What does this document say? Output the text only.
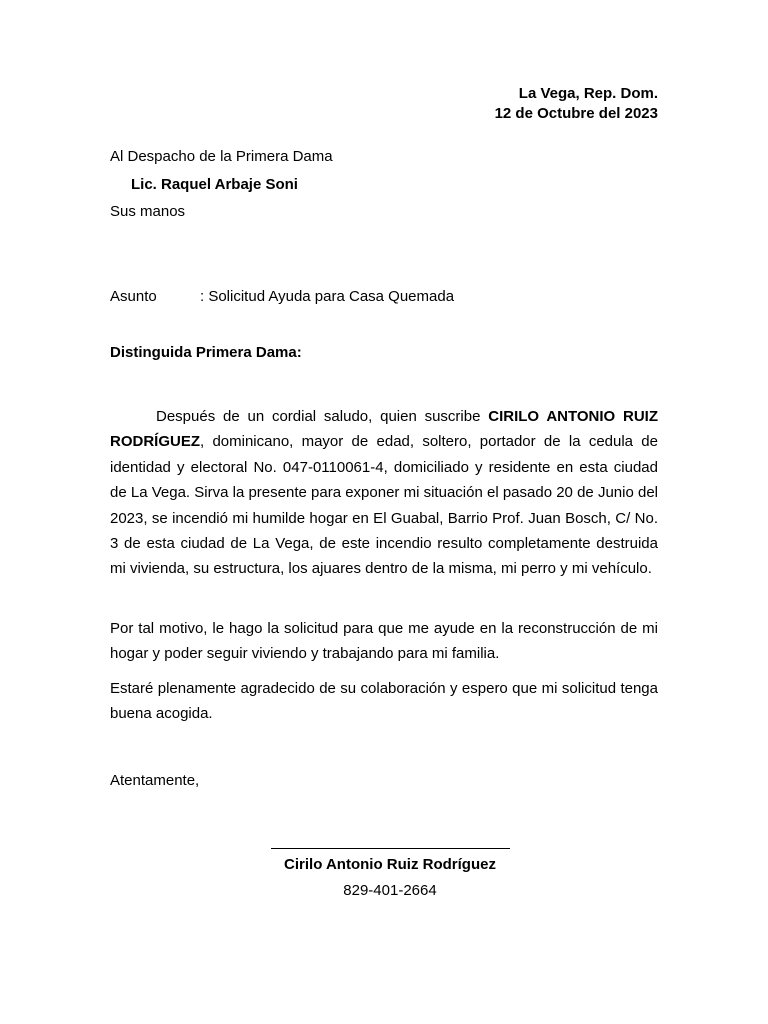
La Vega, Rep. Dom.
12 de Octubre del 2023
Al Despacho de la Primera Dama
Lic. Raquel Arbaje Soni
Sus manos
Asunto	: Solicitud Ayuda para Casa Quemada
Distinguida Primera Dama:
Después de un cordial saludo, quien suscribe CIRILO ANTONIO RUIZ RODRÍGUEZ, dominicano, mayor de edad, soltero, portador de la cedula de identidad y electoral No. 047-0110061-4, domiciliado y residente en esta ciudad de La Vega. Sirva la presente para exponer mi situación el pasado 20 de Junio del 2023, se incendió mi humilde hogar en El Guabal, Barrio Prof. Juan Bosch, C/ No. 3 de esta ciudad de La Vega, de este incendio resulto completamente destruida mi vivienda, su estructura, los ajuares dentro de la misma, mi perro y mi vehículo.
Por tal motivo, le hago la solicitud para que me ayude en la reconstrucción de mi hogar y poder seguir viviendo y trabajando para mi familia.
Estaré plenamente agradecido de su colaboración y espero que mi solicitud tenga buena acogida.
Atentamente,
Cirilo Antonio Ruiz Rodríguez
829-401-2664
